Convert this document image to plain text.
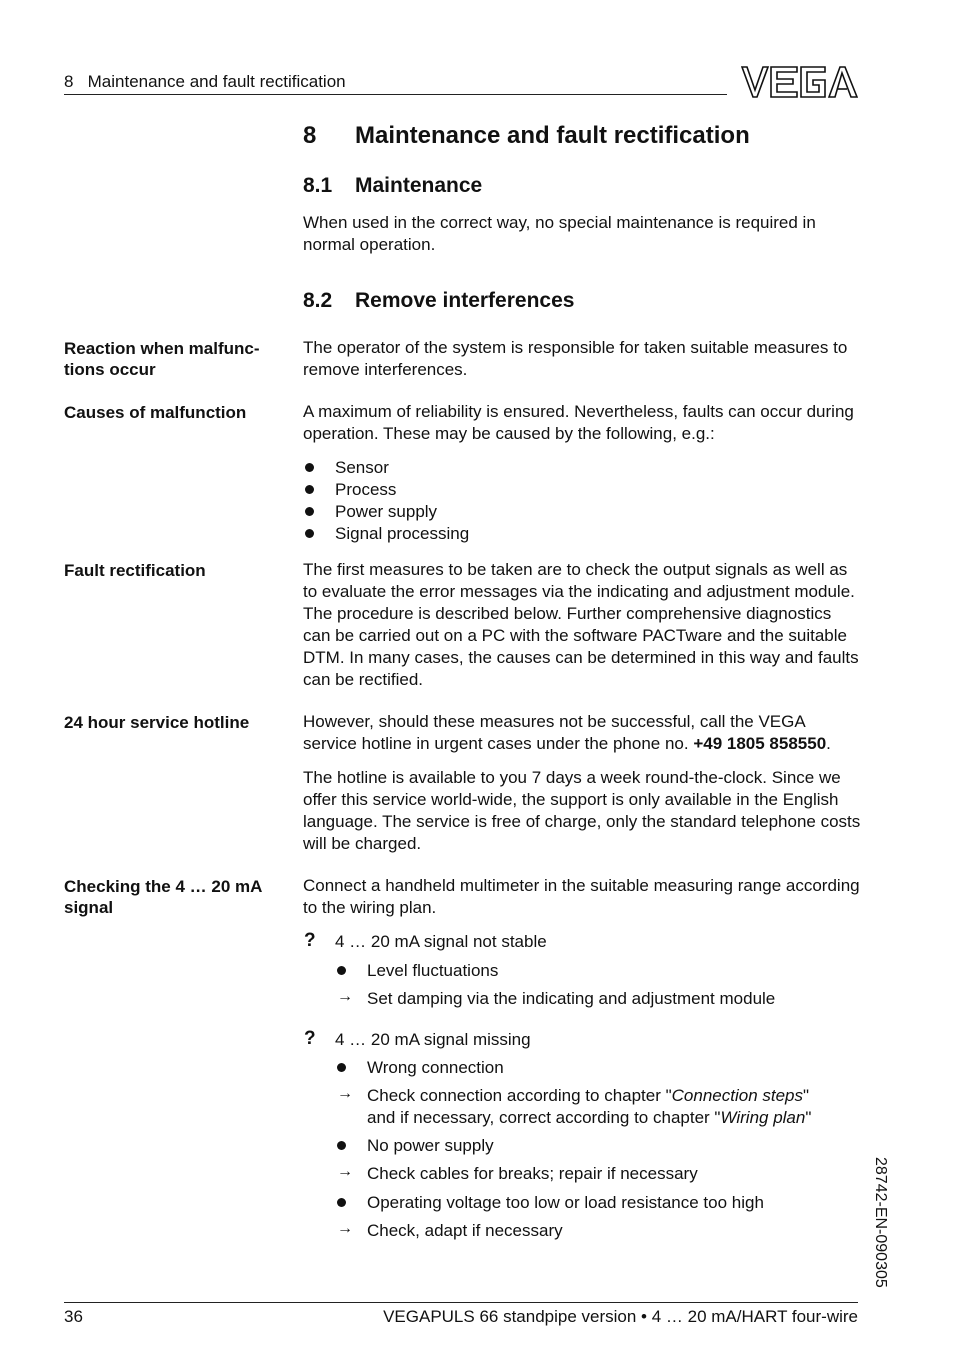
8   Maintenance and fault rectification
8 Maintenance and fault rectification
8.1 Maintenance
When used in the correct way, no special maintenance is required in normal operation.
8.2 Remove interferences
Reaction when malfunc-tions occur
The operator of the system is responsible for taken suitable measures to remove interferences.
Causes of malfunction	A maximum of reliability is ensured. Nevertheless, faults can occur during operation. These may be caused by the following, e.g.:
Sensor
Process
Power supply
Signal processing
Fault rectification	The first measures to be taken are to check the output signals as well as to evaluate the error messages via the indicating and adjustment module. The procedure is described below. Further comprehensive diagnostics can be carried out on a PC with the software PACTware and the suitable DTM. In many cases, the causes can be determined in this way and faults can be rectified.
24 hour service hotline	However, should these measures not be successful, call the VEGA service hotline in urgent cases under the phone no. +49 1805 858550.
The hotline is available to you 7 days a week round-the-clock. Since we offer this service world-wide, the support is only available in the English language. The service is free of charge, only the standard telephone costs will be charged.
Checking the 4 … 20 mA signal
Connect a handheld multimeter in the suitable measuring range according to the wiring plan.
? 4 … 20 mA signal not stable
Level fluctuations
→ Set damping via the indicating and adjustment module
? 4 … 20 mA signal missing
Wrong connection
→ Check connection according to chapter "Connection steps"
and if necessary, correct according to chapter "Wiring plan"
No power supply
→ Check cables for breaks; repair if necessary
Operating voltage too low or load resistance too high
→ Check, adapt if necessary	28742-EN-090305
36	VEGAPULS 66 standpipe version • 4 … 20 mA/HART four-wire
